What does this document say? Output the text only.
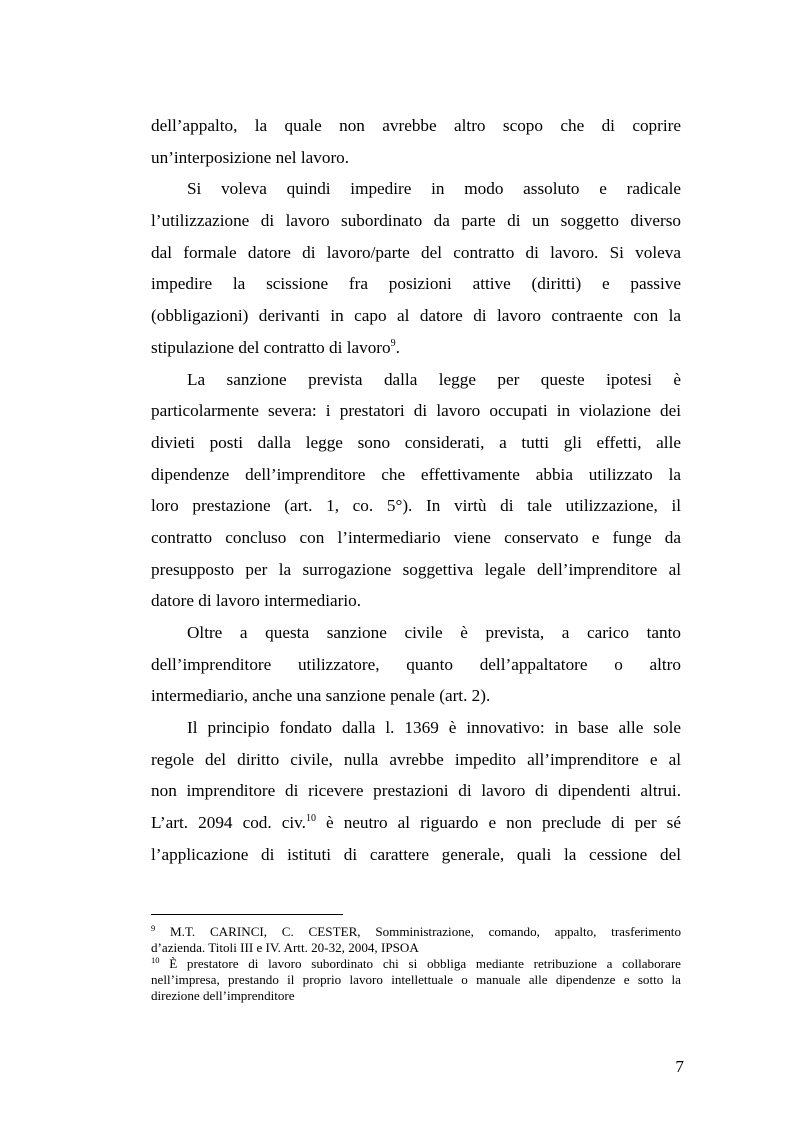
dell’appalto, la quale non avrebbe altro scopo che di coprire
un’interposizione nel lavoro.
Si voleva quindi impedire in modo assoluto e radicale
l’utilizzazione di lavoro subordinato da parte di un soggetto diverso
dal formale datore di lavoro/parte del contratto di lavoro. Si voleva
impedire la scissione fra posizioni attive (diritti) e passive
(obbligazioni) derivanti in capo al datore di lavoro contraente con la
stipulazione del contratto di lavoro$^9$.
La sanzione prevista dalla legge per queste ipotesi è
particolarmente severa: i prestatori di lavoro occupati in violazione dei
divieti posti dalla legge sono considerati, a tutti gli effetti, alle
dipendenze dell’imprenditore che effettivamente abbia utilizzato la
loro prestazione (art. 1, co. 5°). In virtù di tale utilizzazione, il
contratto concluso con l’intermediario viene conservato e funge da
presupposto per la surrogazione soggettiva legale dell’imprenditore al
datore di lavoro intermediario.
Oltre a questa sanzione civile è prevista, a carico tanto
dell’imprenditore utilizzatore, quanto dell’appaltatore o altro
intermediario, anche una sanzione penale (art. 2).
Il principio fondato dalla l. 1369 è innovativo: in base alle sole
regole del diritto civile, nulla avrebbe impedito all’imprenditore e al
non imprenditore di ricevere prestazioni di lavoro di dipendenti altrui.
L’art. 2094 cod. civ.$^{10}$ è neutro al riguardo e non preclude di per sé
l’applicazione di istituti di carattere generale, quali la cessione del
$^9$ M.T. CARINCI, C. CESTER, Somministrazione, comando, appalto, trasferimento
d’azienda. Titoli III e IV. Artt. 20-32, 2004, IPSOA
$^{10}$ È prestatore di lavoro subordinato chi si obbliga mediante retribuzione a collaborare
nell’impresa, prestando il proprio lavoro intellettuale o manuale alle dipendenze e sotto la
direzione dell’imprenditore
7
